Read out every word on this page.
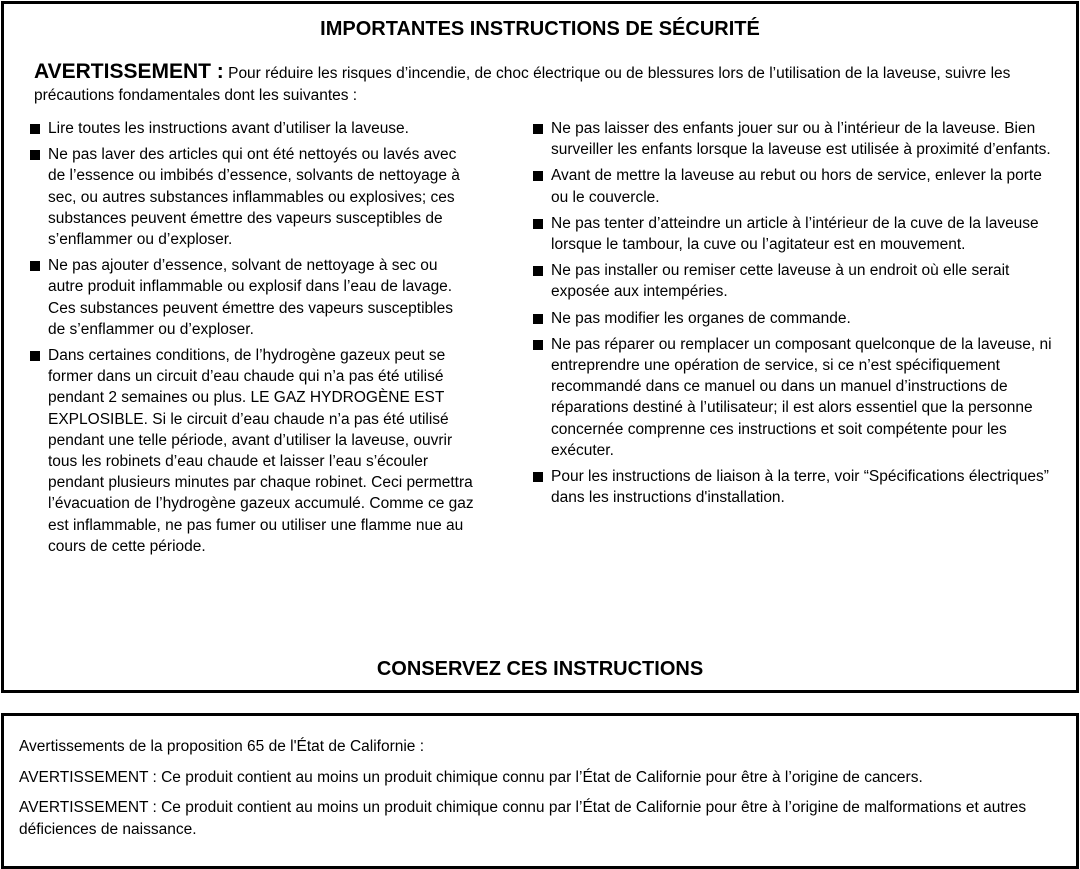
IMPORTANTES INSTRUCTIONS DE SÉCURITÉ
AVERTISSEMENT : Pour réduire les risques d’incendie, de choc électrique ou de blessures lors de l’utilisation de la laveuse, suivre les précautions fondamentales dont les suivantes :
Lire toutes les instructions avant d’utiliser la laveuse.
Ne pas laver des articles qui ont été nettoyés ou lavés avec de l’essence ou imbibés d’essence, solvants de nettoyage à sec, ou autres substances inflammables ou explosives; ces substances peuvent émettre des vapeurs susceptibles de s’enflammer ou d’exploser.
Ne pas ajouter d’essence, solvant de nettoyage à sec ou autre produit inflammable ou explosif dans l’eau de lavage. Ces substances peuvent émettre des vapeurs susceptibles de s’enflammer ou d’exploser.
Dans certaines conditions, de l’hydrogène gazeux peut se former dans un circuit d’eau chaude qui n’a pas été utilisé pendant 2 semaines ou plus. LE GAZ HYDROGÈNE EST EXPLOSIBLE. Si le circuit d’eau chaude n’a pas été utilisé pendant une telle période, avant d’utiliser la laveuse, ouvrir tous les robinets d’eau chaude et laisser l’eau s’écouler pendant plusieurs minutes par chaque robinet. Ceci permettra l’évacuation de l’hydrogène gazeux accumulé. Comme ce gaz est inflammable, ne pas fumer ou utiliser une flamme nue au cours de cette période.
Ne pas laisser des enfants jouer sur ou à l’intérieur de la laveuse. Bien surveiller les enfants lorsque la laveuse est utilisée à proximité d’enfants.
Avant de mettre la laveuse au rebut ou hors de service, enlever la porte ou le couvercle.
Ne pas tenter d’atteindre un article à l’intérieur de la cuve de la laveuse lorsque le tambour, la cuve ou l’agitateur est en mouvement.
Ne pas installer ou remiser cette laveuse à un endroit où elle serait exposée aux intempéries.
Ne pas modifier les organes de commande.
Ne pas réparer ou remplacer un composant quelconque de la laveuse, ni entreprendre une opération de service, si ce n’est spécifiquement recommandé dans ce manuel ou dans un manuel d’instructions de réparations destiné à l’utilisateur; il est alors essentiel que la personne concernée comprenne ces instructions et soit compétente pour les exécuter.
Pour les instructions de liaison à la terre, voir “Spécifications électriques” dans les instructions d'installation.
CONSERVEZ CES INSTRUCTIONS

Avertissements de la proposition 65 de l'État de Californie :

AVERTISSEMENT : Ce produit contient au moins un produit chimique connu par l’État de Californie pour être à l’origine de cancers.

AVERTISSEMENT : Ce produit contient au moins un produit chimique connu par l’État de Californie pour être à l’origine de malformations et autres déficiences de naissance.
